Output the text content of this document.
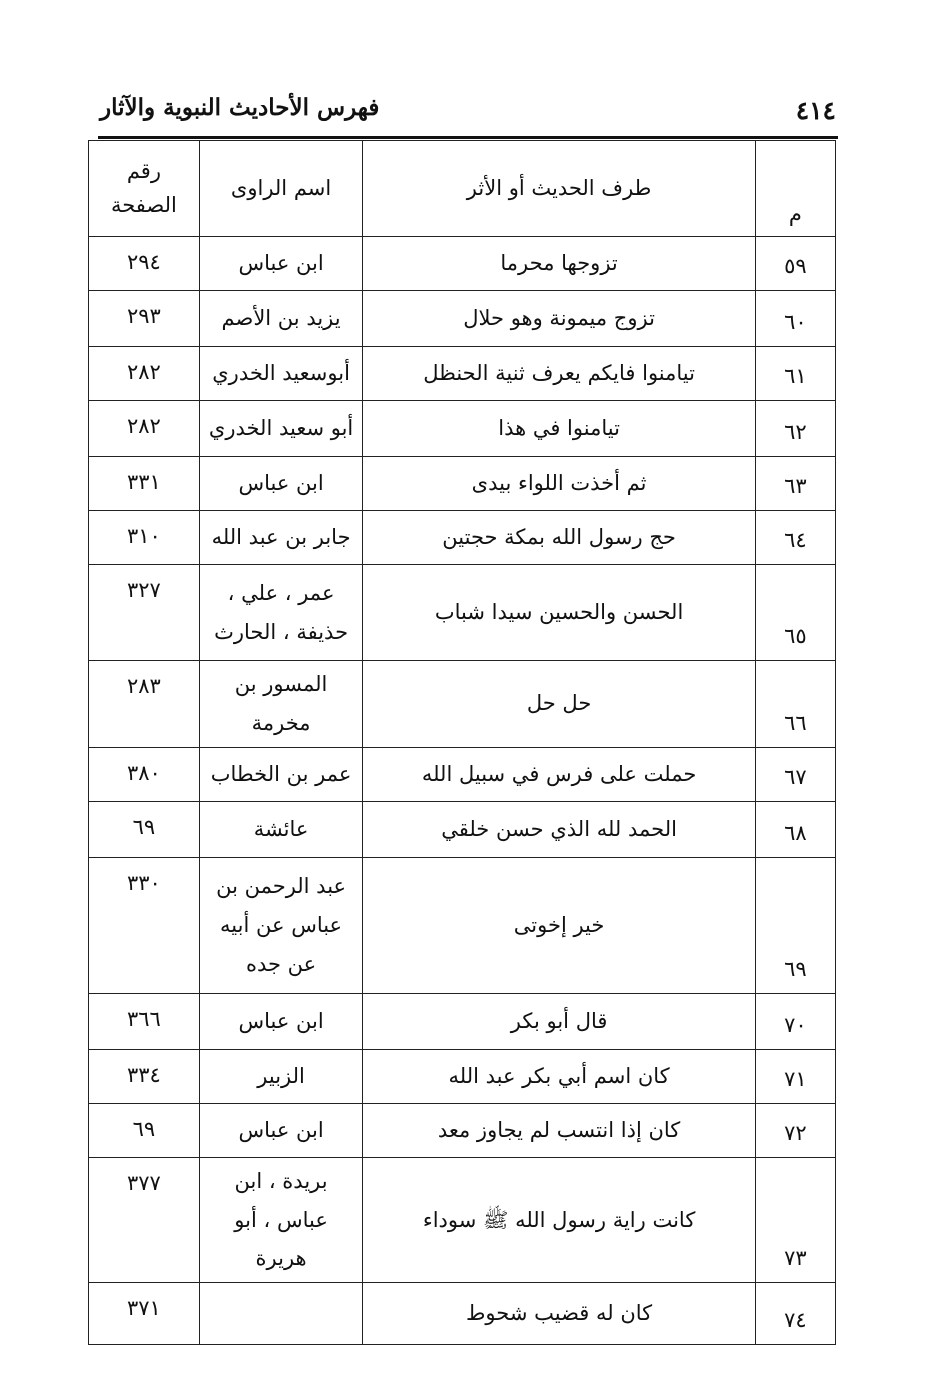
٤١٤
فهرس الأحاديث النبوية والآثار
م	طرف الحديث أو الأثر	اسم الراوى	رقم الصفحة
٥٩	تزوجها محرما	ابن عباس	٢٩٤
٦٠	تزوج ميمونة وهو حلال	يزيد بن الأصم	٢٩٣
٦١	تيامنوا فايكم يعرف ثنية الحنظل	أبوسعيد الخدري	٢٨٢
٦٢	تيامنوا في هذا	أبو سعيد الخدري	٢٨٢
٦٣	ثم أخذت اللواء بيدى	ابن عباس	٣٣١
٦٤	حج رسول الله بمكة حجتين	جابر بن عبد الله	٣١٠
٦٥	الحسن والحسين سيدا شباب	عمر ، علي ، حذيفة ، الحارث	٣٢٧
٦٦	حل حل	المسور بن مخرمة	٢٨٣
٦٧	حملت على فرس في سبيل الله	عمر بن الخطاب	٣٨٠
٦٨	الحمد لله الذي حسن خلقي	عائشة	٦٩
٦٩	خير إخوتى	عبد الرحمن بن عباس عن أبيه عن جده	٣٣٠
٧٠	قال أبو بكر	ابن عباس	٣٦٦
٧١	كان اسم أبي بكر عبد الله	الزبير	٣٣٤
٧٢	كان إذا انتسب لم يجاوز معد	ابن عباس	٦٩
٧٣	كانت راية رسول الله ﷺ سوداء	بريدة ، ابن عباس ، أبو هريرة	٣٧٧
٧٤	كان له قضيب شحوط		٣٧١
